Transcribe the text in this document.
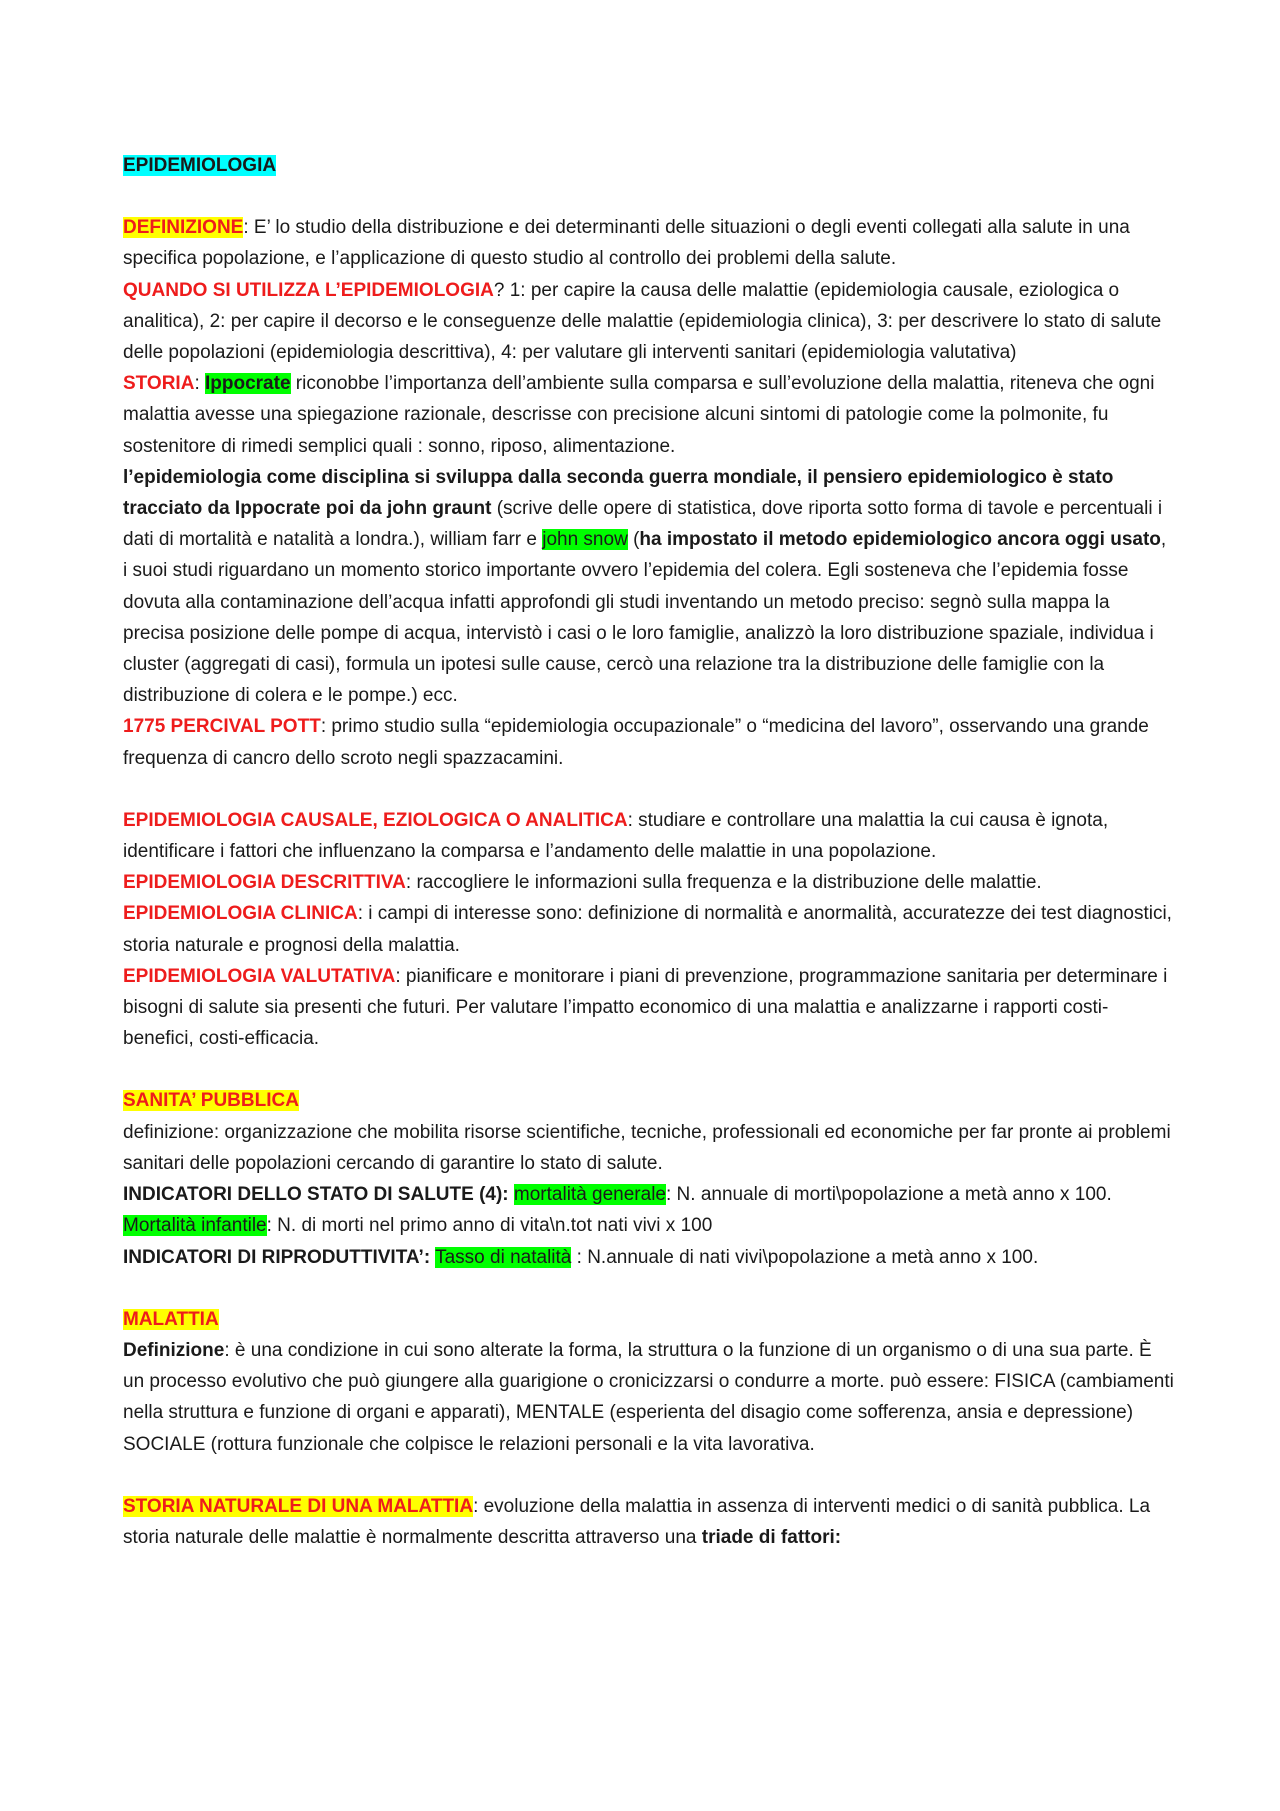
EPIDEMIOLOGIA

DEFINIZIONE: E’ lo studio della distribuzione e dei determinanti delle situazioni o degli eventi collegati alla salute in una specifica popolazione, e l’applicazione di questo studio al controllo dei problemi della salute.

QUANDO SI UTILIZZA L’EPIDEMIOLOGIA? 1: per capire la causa delle malattie (epidemiologia causale, eziologica o analitica), 2: per capire il decorso e le conseguenze delle malattie (epidemiologia clinica), 3: per descrivere lo stato di salute delle popolazioni (epidemiologia descrittiva), 4: per valutare gli interventi sanitari (epidemiologia valutativa)

STORIA: Ippocrate riconobbe l’importanza dell’ambiente sulla comparsa e sull’evoluzione della malattia, riteneva che ogni malattia avesse una spiegazione razionale, descrisse con precisione alcuni sintomi di patologie come la polmonite, fu sostenitore di rimedi semplici quali : sonno, riposo, alimentazione.

l’epidemiologia come disciplina si sviluppa dalla seconda guerra mondiale, il pensiero epidemiologico è stato tracciato da Ippocrate poi da john graunt (scrive delle opere di statistica, dove riporta sotto forma di tavole e percentuali i dati di mortalità e natalità a londra.), william farr e john snow (ha impostato il metodo epidemiologico ancora oggi usato, i suoi studi riguardano un momento storico importante ovvero l’epidemia del colera. Egli sosteneva che l’epidemia fosse dovuta alla contaminazione dell’acqua infatti approfondi gli studi inventando un metodo preciso: segnò sulla mappa la precisa posizione delle pompe di acqua, intervistò i casi o le loro famiglie, analizzò la loro distribuzione spaziale, individua i cluster (aggregati di casi), formula un ipotesi sulle cause, cercò una relazione tra la distribuzione delle famiglie con la distribuzione di colera e le pompe.) ecc.

1775 PERCIVAL POTT: primo studio sulla “epidemiologia occupazionale” o “medicina del lavoro”, osservando una grande frequenza di cancro dello scroto negli spazzacamini.

EPIDEMIOLOGIA CAUSALE, EZIOLOGICA O ANALITICA: studiare e controllare una malattia la cui causa è ignota, identificare i fattori che influenzano la comparsa e l’andamento delle malattie in una popolazione.

EPIDEMIOLOGIA DESCRITTIVA: raccogliere le informazioni sulla frequenza e la distribuzione delle malattie.

EPIDEMIOLOGIA CLINICA: i campi di interesse sono: definizione di normalità e anormalità, accuratezze dei test diagnostici, storia naturale e prognosi della malattia.

EPIDEMIOLOGIA VALUTATIVA: pianificare e monitorare i piani di prevenzione, programmazione sanitaria per determinare i bisogni di salute sia presenti che futuri. Per valutare l’impatto economico di una malattia e analizzarne i rapporti costi-benefici, costi-efficacia.

SANITA’ PUBBLICA

definizione: organizzazione che mobilita risorse scientifiche, tecniche, professionali ed economiche per far pronte ai problemi sanitari delle popolazioni cercando di garantire lo stato di salute.

INDICATORI DELLO STATO DI SALUTE (4): mortalità generale: N. annuale di morti\popolazione a metà anno x 100.

Mortalità infantile: N. di morti nel primo anno di vita\n.tot nati vivi x 100

INDICATORI DI RIPRODUTTIVITA’: Tasso di natalità : N.annuale di nati vivi\popolazione a metà anno x 100.

MALATTIA

Definizione: è una condizione in cui sono alterate la forma, la struttura o la funzione di un organismo o di una sua parte. È un processo evolutivo che può giungere alla guarigione o cronicizzarsi o condurre a morte. può essere: FISICA (cambiamenti nella struttura e funzione di organi e apparati), MENTALE (esperienta del disagio come sofferenza, ansia e depressione) SOCIALE (rottura funzionale che colpisce le relazioni personali e la vita lavorativa.

STORIA NATURALE DI UNA MALATTIA: evoluzione della malattia in assenza di interventi medici o di sanità pubblica. La storia naturale delle malattie è normalmente descritta attraverso una triade di fattori:
